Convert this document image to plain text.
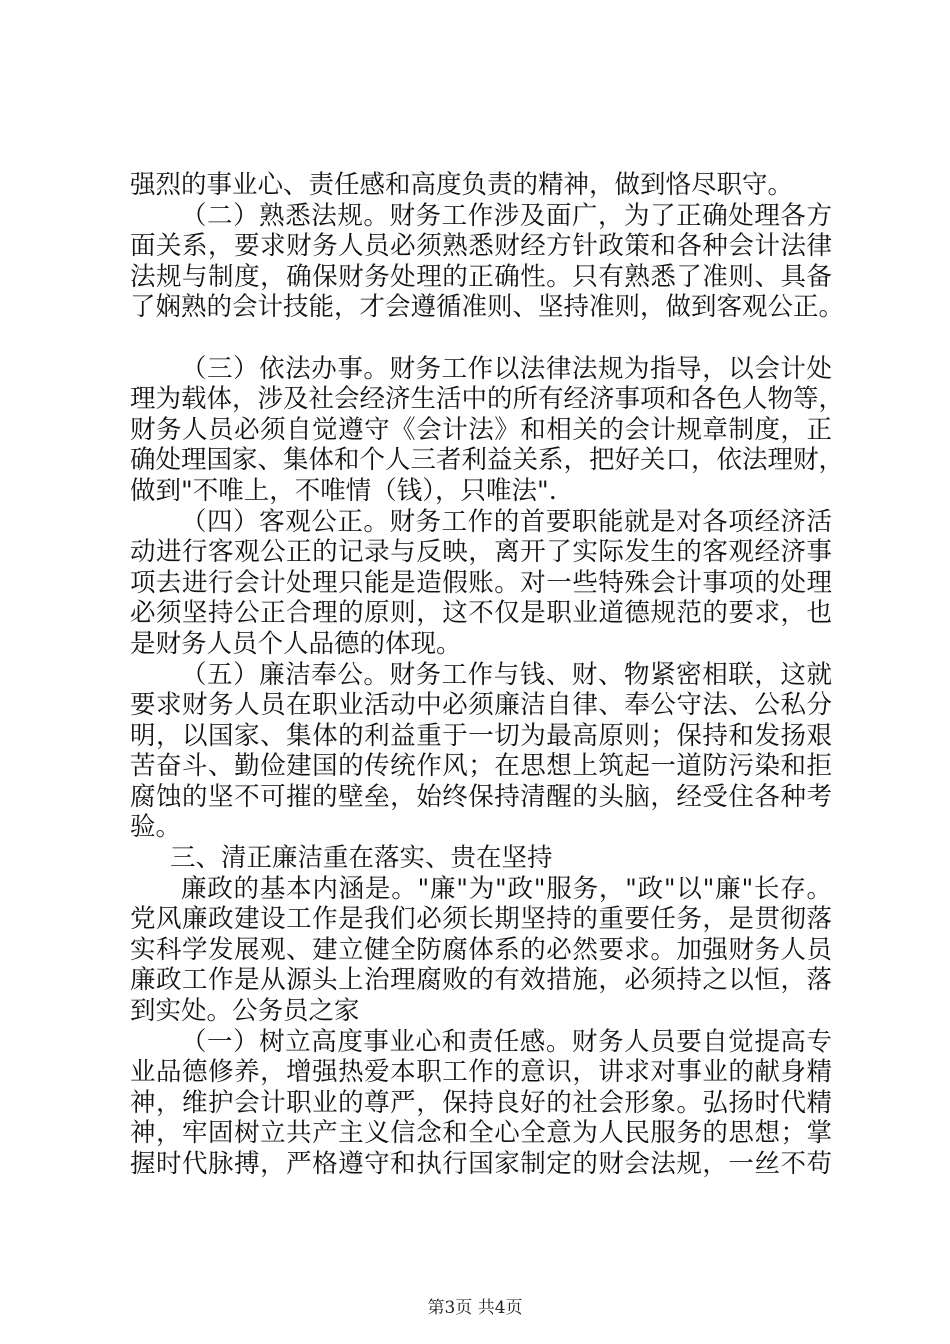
强烈的事业心、责任感和高度负责的精神，做到恪尽职守。
（二）熟悉法规。财务工作涉及面广，为了正确处理各方
面关系，要求财务人员必须熟悉财经方针政策和各种会计法律
法规与制度，确保财务处理的正确性。只有熟悉了准则、具备
了娴熟的会计技能，才会遵循准则、坚持准则，做到客观公正。
（三）依法办事。财务工作以法律法规为指导，以会计处
理为载体，涉及社会经济生活中的所有经济事项和各色人物等，
财务人员必须自觉遵守《会计法》和相关的会计规章制度，正
确处理国家、集体和个人三者利益关系，把好关口，依法理财，
做到"不唯上，不唯情（钱），只唯法".
（四）客观公正。财务工作的首要职能就是对各项经济活
动进行客观公正的记录与反映，离开了实际发生的客观经济事
项去进行会计处理只能是造假账。对一些特殊会计事项的处理
必须坚持公正合理的原则，这不仅是职业道德规范的要求，也
是财务人员个人品德的体现。
（五）廉洁奉公。财务工作与钱、财、物紧密相联，这就
要求财务人员在职业活动中必须廉洁自律、奉公守法、公私分
明，以国家、集体的利益重于一切为最高原则；保持和发扬艰
苦奋斗、勤俭建国的传统作风；在思想上筑起一道防污染和拒
腐蚀的坚不可摧的壁垒，始终保持清醒的头脑，经受住各种考
验。
三、清正廉洁重在落实、贵在坚持
廉政的基本内涵是。"廉"为"政"服务，"政"以"廉"长存。
党风廉政建设工作是我们必须长期坚持的重要任务，是贯彻落
实科学发展观、建立健全防腐体系的必然要求。加强财务人员
廉政工作是从源头上治理腐败的有效措施，必须持之以恒，落
到实处。公务员之家
（一）树立高度事业心和责任感。财务人员要自觉提高专
业品德修养，增强热爱本职工作的意识，讲求对事业的献身精
神，维护会计职业的尊严，保持良好的社会形象。弘扬时代精
神，牢固树立共产主义信念和全心全意为人民服务的思想；掌
握时代脉搏，严格遵守和执行国家制定的财会法规，一丝不苟
第3页 共4页
